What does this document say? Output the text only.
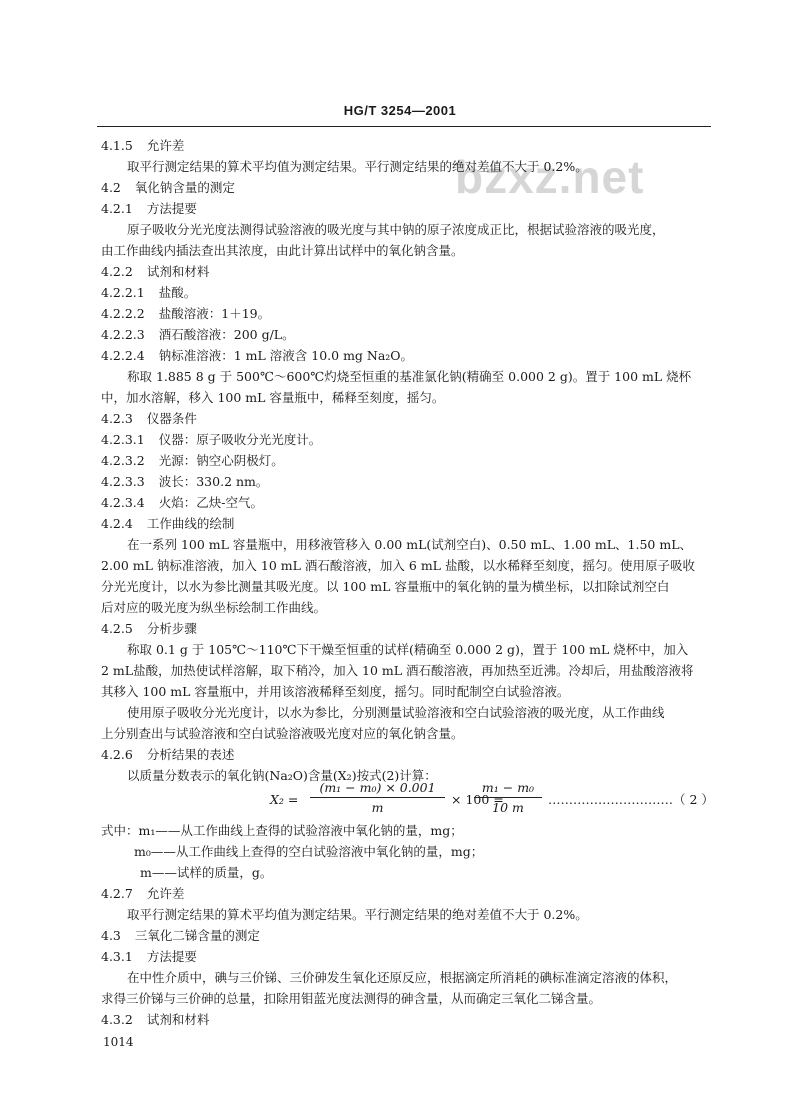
HG/T 3254—2001
bzxz.net
4.1.5 允许差
取平行测定结果的算术平均值为测定结果。平行测定结果的绝对差值不大于 0.2%。
4.2 氧化钠含量的测定
4.2.1 方法提要
原子吸收分光光度法测得试验溶液的吸光度与其中钠的原子浓度成正比，根据试验溶液的吸光度，
由工作曲线内插法查出其浓度，由此计算出试样中的氧化钠含量。
4.2.2 试剂和材料
4.2.2.1 盐酸。
4.2.2.2 盐酸溶液：1＋19。
4.2.2.3 酒石酸溶液：200 g/L。
4.2.2.4 钠标准溶液：1 mL 溶液含 10.0 mg Na₂O。
称取 1.885 8 g 于 500℃～600℃灼烧至恒重的基准氯化钠(精确至 0.000 2 g)。置于 100 mL 烧杯
中，加水溶解，移入 100 mL 容量瓶中，稀释至刻度，摇匀。
4.2.3 仪器条件
4.2.3.1 仪器：原子吸收分光光度计。
4.2.3.2 光源：钠空心阴极灯。
4.2.3.3 波长：330.2 nm。
4.2.3.4 火焰：乙炔-空气。
4.2.4 工作曲线的绘制
在一系列 100 mL 容量瓶中，用移液管移入 0.00 mL(试剂空白)、0.50 mL、1.00 mL、1.50 mL、
2.00 mL 钠标准溶液，加入 10 mL 酒石酸溶液，加入 6 mL 盐酸，以水稀释至刻度，摇匀。使用原子吸收
分光光度计，以水为参比测量其吸光度。以 100 mL 容量瓶中的氧化钠的量为横坐标，以扣除试剂空白
后对应的吸光度为纵坐标绘制工作曲线。
4.2.5 分析步骤
称取 0.1 g 于 105℃～110℃下干燥至恒重的试样(精确至 0.000 2 g)，置于 100 mL 烧杯中，加入
2 mL盐酸，加热使试样溶解，取下稍冷，加入 10 mL 酒石酸溶液，再加热至近沸。冷却后，用盐酸溶液将
其移入 100 mL 容量瓶中，并用该溶液稀释至刻度，摇匀。同时配制空白试验溶液。
使用原子吸收分光光度计，以水为参比，分别测量试验溶液和空白试验溶液的吸光度，从工作曲线
上分别查出与试验溶液和空白试验溶液吸光度对应的氧化钠含量。
4.2.6 分析结果的表述
以质量分数表示的氧化钠(Na₂O)含量(X₂)按式(2)计算：
$X_2 = \frac{\text{(m₁ − m₀) × 0.001}}{m} \times 100$ =
$\frac{\text{m₁ − m₀}}{10 m}$ …………………………（ 2 ）
式中：m₁——从工作曲线上查得的试验溶液中氧化钠的量，mg；
m₀——从工作曲线上查得的空白试验溶液中氧化钠的量，mg；
m——试样的质量，g。
4.2.7 允许差
取平行测定结果的算术平均值为测定结果。平行测定结果的绝对差值不大于 0.2%。
4.3 三氧化二锑含量的测定
4.3.1 方法提要
在中性介质中，碘与三价锑、三价砷发生氧化还原反应，根据滴定所消耗的碘标准滴定溶液的体积，
求得三价锑与三价砷的总量，扣除用钼蓝光度法测得的砷含量，从而确定三氧化二锑含量。
4.3.2 试剂和材料
1014
